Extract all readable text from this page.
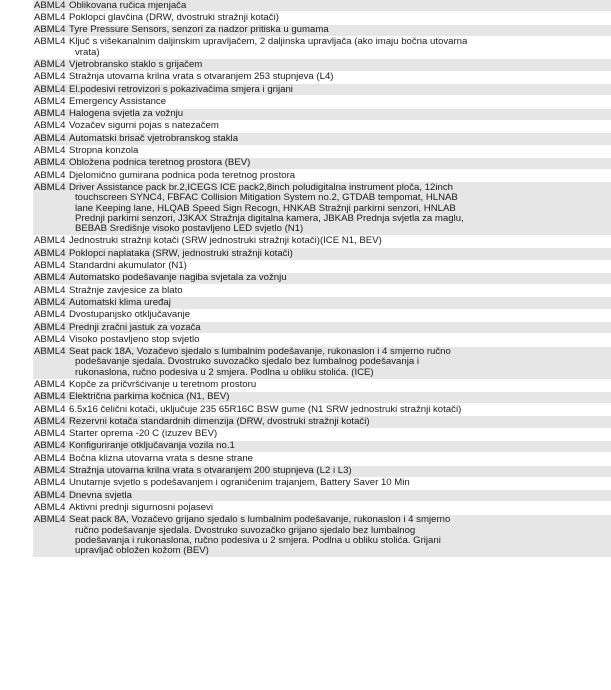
ABML4	Oblikovana ručica mjenjača

ABML4	Poklopci glavčina (DRW, dvostruki stražnji kotači)

ABML4	Tyre Pressure Sensors, senzori za nadzor pritiska u gumama

ABML4	Ključ s višekanalnim daljinskim upravljačem, 2 daljinska upravljača (ako imaju bočna utovarna vrata)

ABML4	Vjetrobransko staklo s grijačem

ABML4	Stražnja utovarna krilna vrata s otvaranjem 253 stupnjeva (L4)

ABML4	El.podesivi retrovizori s pokazivačima smjera i grijani

ABML4	Emergency Assistance

ABML4	Halogena svjetla za vožnju

ABML4	Vozačev sigurni pojas s natezačem

ABML4	Automatski brisač vjetrobranskog stakla

ABML4	Stropna konzola

ABML4	Obložena podnica teretnog prostora (BEV)

ABML4	Djelomično gumirana podnica poda teretnog prostora

ABML4	Driver Assistance pack br.2,ICEGS ICE pack2,8inch poludigitalna instrument ploča, 12inch touchscreen SYNC4, FBFAC Collision Mitigation System no.2, GTDAB tempomat, HLNAB lane Keeping lane, HLQAB Speed Sign Recogn, HNKAB Stražnji parkirni senzori, HNLAB Prednji parkirni senzori, J3KAX Stražnja digitalna kamera, JBKAB Prednja svjetla za maglu, BEBAB Središnje visoko postavljeno LED svjetlo (N1)

ABML4	Jednostruki stražnji kotači (SRW jednostruki stražnji kotači)(ICE N1, BEV)

ABML4	Poklopci naplataka (SRW, jednostruki stražnji kotači)

ABML4	Standardni akumulator (N1)

ABML4	Automatsko podešavanje nagiba svjetala za vožnju

ABML4	Stražnje zavjesice za blato

ABML4	Automatski klima uređaj

ABML4	Dvostupanjsko otključavanje

ABML4	Prednji zračni jastuk za vozača

ABML4	Visoko postavljeno stop svjetlo

ABML4	Seat pack 18A, Vozačevo sjedalo s lumbalnim podešavanje, rukonaslon i 4 smjerno ručno podešavanje sjedala. Dvostruko suvozačko sjedalo bez lumbalnog podešavanja i rukonaslona, ručno podesiva u 2 smjera. Podlna u obliku stolića. (ICE)

ABML4	Kopče za pričvršćivanje u teretnom prostoru

ABML4	Električna parkirna kočnica (N1, BEV)

ABML4	6.5x16 čelični kotači, uključuje 235 65R16C BSW gume (N1 SRW jednostruki stražnji kotači)

ABML4	Rezervni kotača standardnih dimenzija (DRW, dvostruki stražnji kotači)

ABML4	Starter oprema -20 C (izuzev BEV)

ABML4	Konfiguriranje otključavanja vozila no.1

ABML4	Bočna klizna utovarna vrata s desne strane

ABML4	Stražnja utovarna krilna vrata s otvaranjem 200 stupnjeva (L2 i L3)

ABML4	Unutarnje svjetlo s podešavanjem i ograničenim trajanjem, Battery Saver 10 Min

ABML4	Dnevna svjetla

ABML4	Aktivni prednji sigurnosni pojasevi

ABML4	Seat pack 8A, Vozačevo grijano sjedalo s lumbalnim podešavanje, rukonaslon i 4 smjerno ručno podešavanje sjedala. Dvostruko suvozačko grijano sjedalo bez lumbalnog podešavanja i rukonaslona, ručno podesiva u 2 smjera. Podlna u obliku stolića. Grijani upravljač obložen kožom (BEV)
